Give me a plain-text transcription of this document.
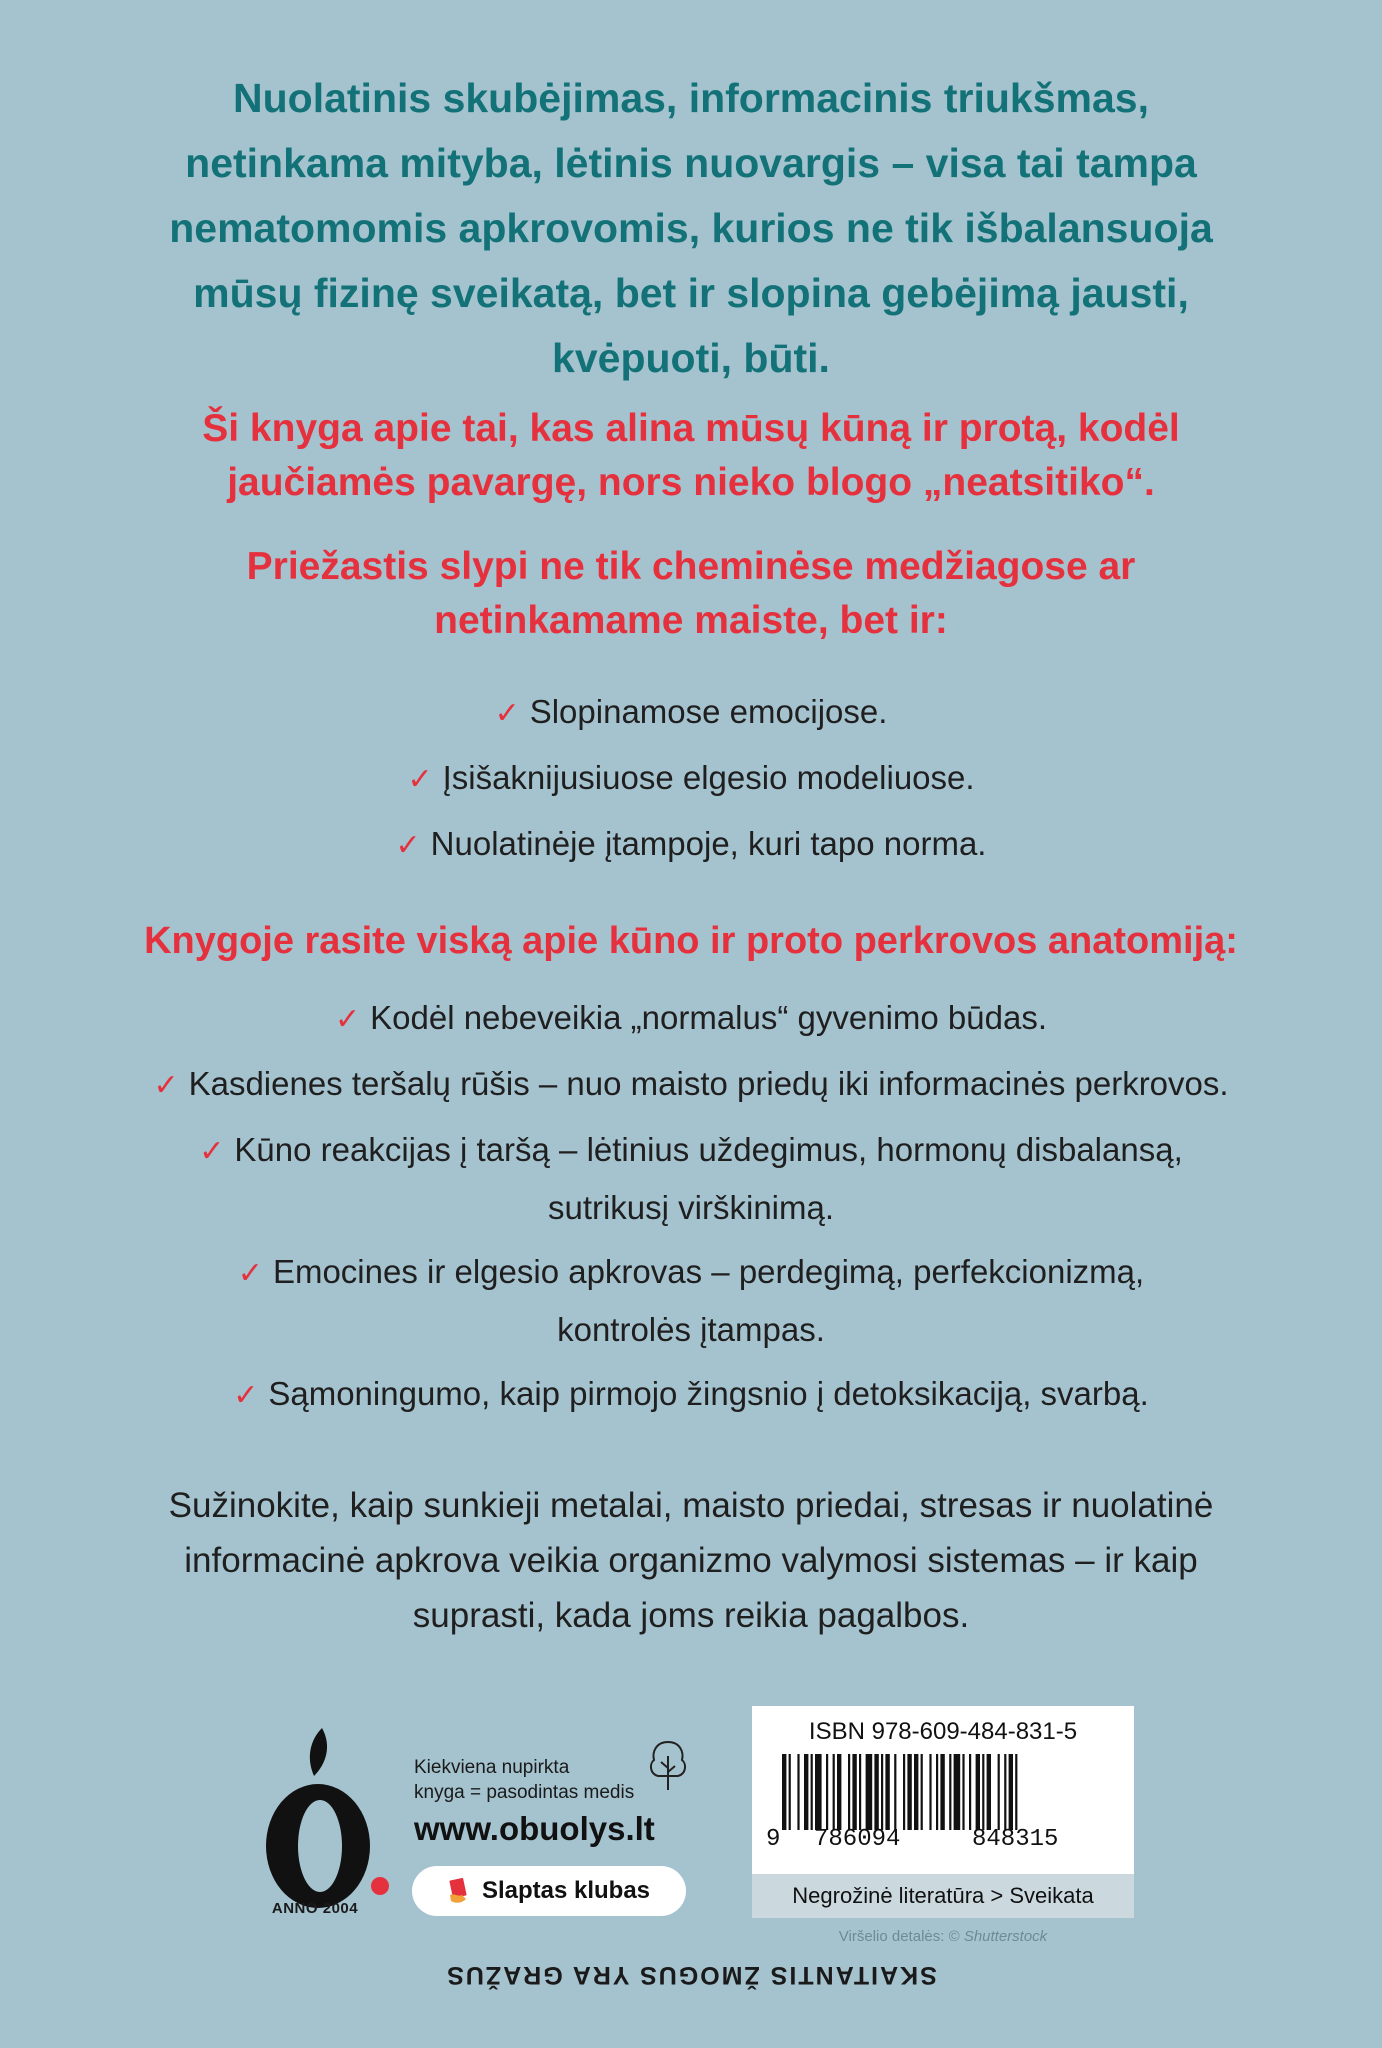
Nuolatinis skubėjimas, informacinis triukšmas,
netinkama mityba, lėtinis nuovargis – visa tai tampa
nematomomis apkrovomis, kurios ne tik išbalansuoja
mūsų fizinę sveikatą, bet ir slopina gebėjimą jausti,
kvėpuoti, būti.
Ši knyga apie tai, kas alina mūsų kūną ir protą, kodėl
jaučiamės pavargę, nors nieko blogo „neatsitiko“.
Priežastis slypi ne tik cheminėse medžiagose ar
netinkamame maiste, bet ir:
✓ Slopinamose emocijose.
✓ Įsišaknijusiuose elgesio modeliuose.
✓ Nuolatinėje įtampoje, kuri tapo norma.
Knygoje rasite viską apie kūno ir proto perkrovos anatomiją:
✓ Kodėl nebeveikia „normalus“ gyvenimo būdas.
✓ Kasdienes teršalų rūšis – nuo maisto priedų iki informacinės perkrovos.
✓ Kūno reakcijas į taršą – lėtinius uždegimus, hormonų disbalansą,
sutrikusį virškinimą.
✓ Emocines ir elgesio apkrovas – perdegimą, perfekcionizmą,
kontrolės įtampas.
✓ Sąmoningumo, kaip pirmojo žingsnio į detoksikaciją, svarbą.
Sužinokite, kaip sunkieji metalai, maisto priedai, stresas ir nuolatinė
informacinė apkrova veikia organizmo valymosi sistemas – ir kaip
suprasti, kada joms reikia pagalbos.
ANNO 2004
Kiekviena nupirkta
knyga = pasodintas medis
www.obuolys.lt
Slaptas klubas
ISBN 978-609-484-831-5
9 786094	848315
Negrožinė literatūra > Sveikata
Viršelio detalės: © Shutterstock
SKAITANTIS ŽMOGUS YRA GRAŽUS
